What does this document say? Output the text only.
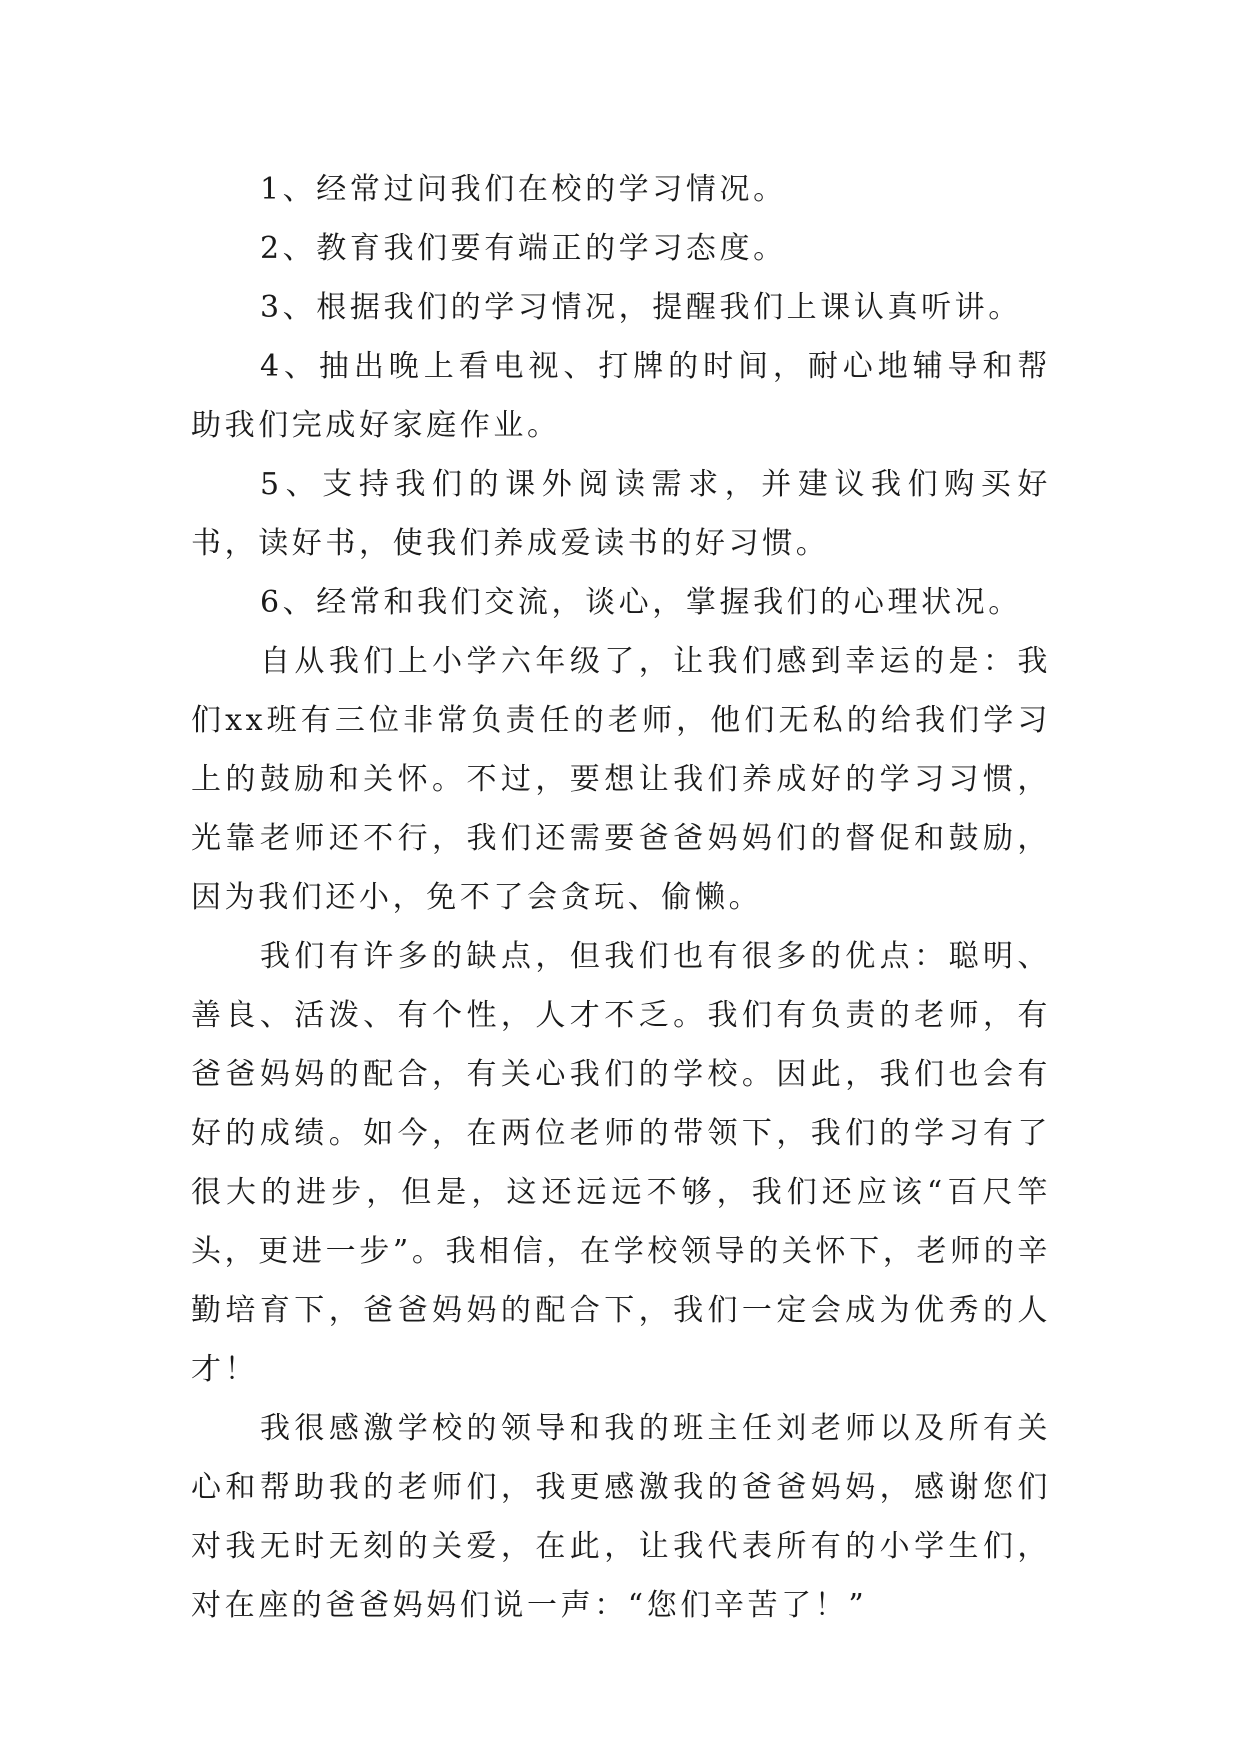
1、经常过问我们在校的学习情况。

2、教育我们要有端正的学习态度。

3、根据我们的学习情况，提醒我们上课认真听讲。

4、抽出晚上看电视、打牌的时间，耐心地辅导和帮助我们完成好家庭作业。

5、支持我们的课外阅读需求，并建议我们购买好书，读好书，使我们养成爱读书的好习惯。

6、经常和我们交流，谈心，掌握我们的心理状况。

自从我们上小学六年级了，让我们感到幸运的是：我们xx班有三位非常负责任的老师，他们无私的给我们学习上的鼓励和关怀。不过，要想让我们养成好的学习习惯，光靠老师还不行，我们还需要爸爸妈妈们的督促和鼓励，因为我们还小，免不了会贪玩、偷懒。

我们有许多的缺点，但我们也有很多的优点：聪明、善良、活泼、有个性，人才不乏。我们有负责的老师，有爸爸妈妈的配合，有关心我们的学校。因此，我们也会有好的成绩。如今，在两位老师的带领下，我们的学习有了很大的进步，但是，这还远远不够，我们还应该“百尺竿头，更进一步”。我相信，在学校领导的关怀下，老师的辛勤培育下，爸爸妈妈的配合下，我们一定会成为优秀的人才！

我很感激学校的领导和我的班主任刘老师以及所有关心和帮助我的老师们，我更感激我的爸爸妈妈，感谢您们对我无时无刻的关爱，在此，让我代表所有的小学生们，对在座的爸爸妈妈们说一声：“您们辛苦了！”
